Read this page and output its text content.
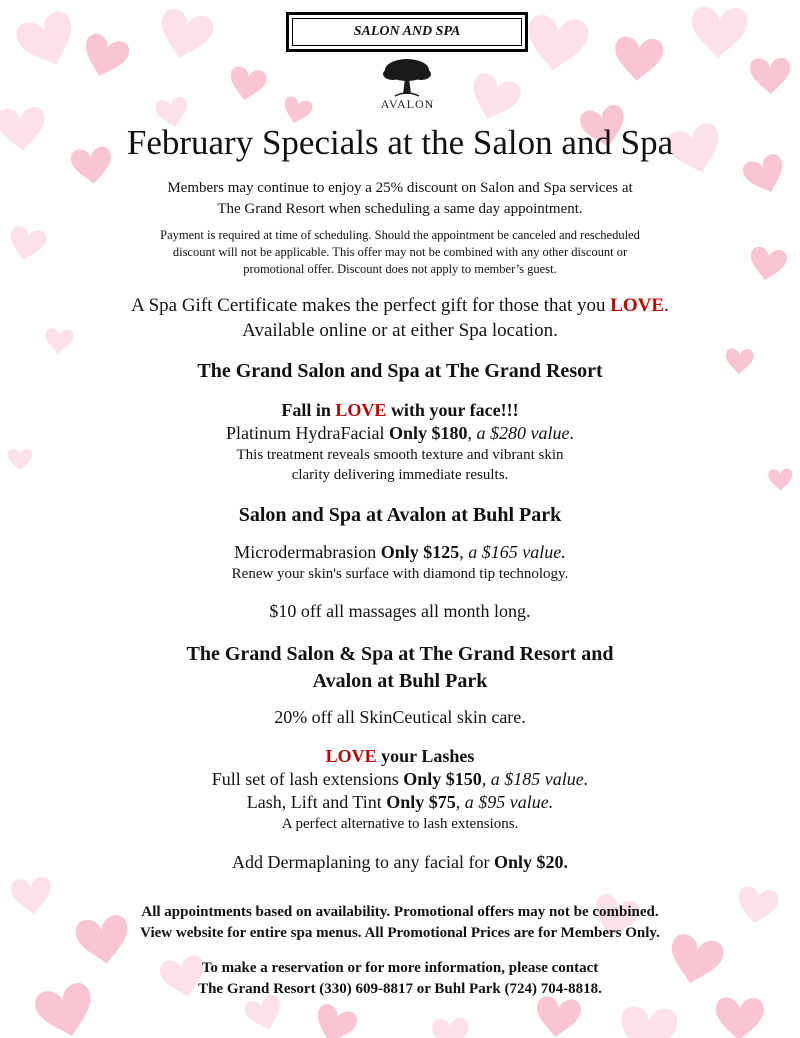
SALON AND SPA
AVALON
February Specials at the Salon and Spa
Members may continue to enjoy a 25% discount on Salon and Spa services at
The Grand Resort when scheduling a same day appointment.
Payment is required at time of scheduling. Should the appointment be canceled and rescheduled
discount will not be applicable. This offer may not be combined with any other discount or
promotional offer. Discount does not apply to member’s guest.
A Spa Gift Certificate makes the perfect gift for those that you LOVE.
Available online or at either Spa location.
The Grand Salon and Spa at The Grand Resort
Fall in LOVE with your face!!!
Platinum HydraFacial Only $180, a $280 value.
This treatment reveals smooth texture and vibrant skin
clarity delivering immediate results.
Salon and Spa at Avalon at Buhl Park
Microdermabrasion Only $125, a $165 value.
Renew your skin's surface with diamond tip technology.
$10 off all massages all month long.
The Grand Salon & Spa at The Grand Resort and
Avalon at Buhl Park
20% off all SkinCeutical skin care.
LOVE your Lashes
Full set of lash extensions Only $150, a $185 value.
Lash, Lift and Tint Only $75, a $95 value.
A perfect alternative to lash extensions.
Add Dermaplaning to any facial for Only $20.
All appointments based on availability. Promotional offers may not be combined.
View website for entire spa menus. All Promotional Prices are for Members Only.
To make a reservation or for more information, please contact
The Grand Resort (330) 609-8817 or Buhl Park (724) 704-8818.
